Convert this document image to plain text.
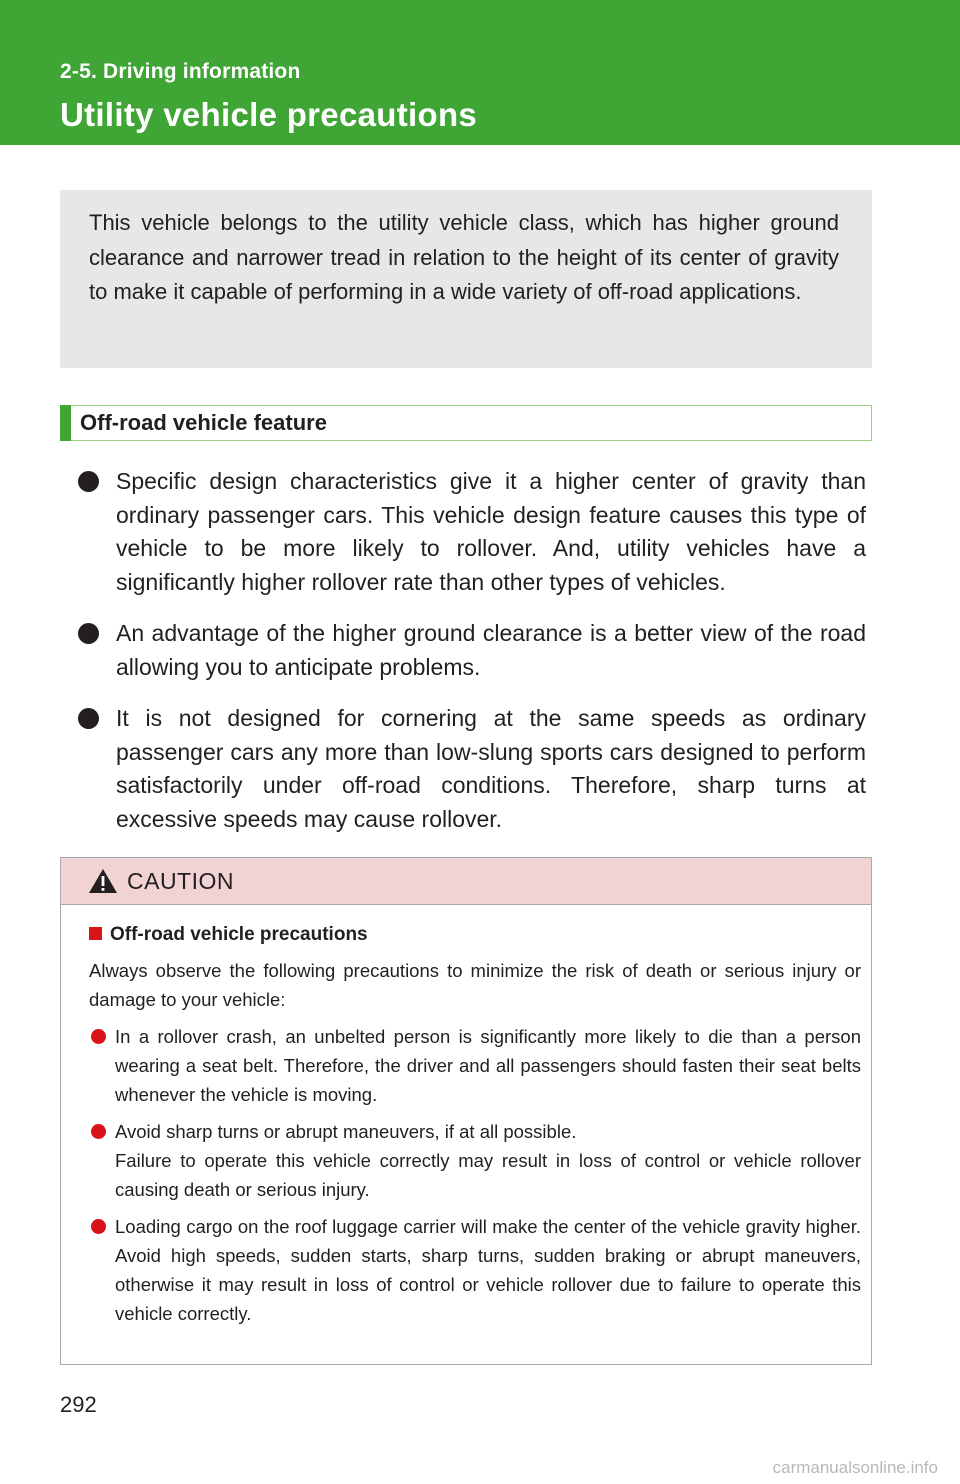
2-5. Driving information
Utility vehicle precautions

This vehicle belongs to the utility vehicle class, which has higher ground clearance and narrower tread in relation to the height of its center of gravity to make it capable of performing in a wide variety of off-road applications.

Off-road vehicle feature
Specific design characteristics give it a higher center of gravity than ordinary passenger cars. This vehicle design feature causes this type of vehicle to be more likely to rollover. And, utility vehicles have a significantly higher rollover rate than other types of vehicles.
An advantage of the higher ground clearance is a better view of the road allowing you to anticipate problems.
It is not designed for cornering at the same speeds as ordinary passenger cars any more than low-slung sports cars designed to perform satisfactorily under off-road conditions. Therefore, sharp turns at excessive speeds may cause rollover.
CAUTION
Off-road vehicle precautions

Always observe the following precautions to minimize the risk of death or serious injury or damage to your vehicle:

In a rollover crash, an unbelted person is significantly more likely to die than a person wearing a seat belt. Therefore, the driver and all passengers should fasten their seat belts whenever the vehicle is moving.
Avoid sharp turns or abrupt maneuvers, if at all possible.
Failure to operate this vehicle correctly may result in loss of control or vehicle rollover causing death or serious injury.
Loading cargo on the roof luggage carrier will make the center of the vehicle gravity higher. Avoid high speeds, sudden starts, sharp turns, sudden braking or abrupt maneuvers, otherwise it may result in loss of control or vehicle rollover due to failure to operate this vehicle correctly.
292
carmanualsonline.info
